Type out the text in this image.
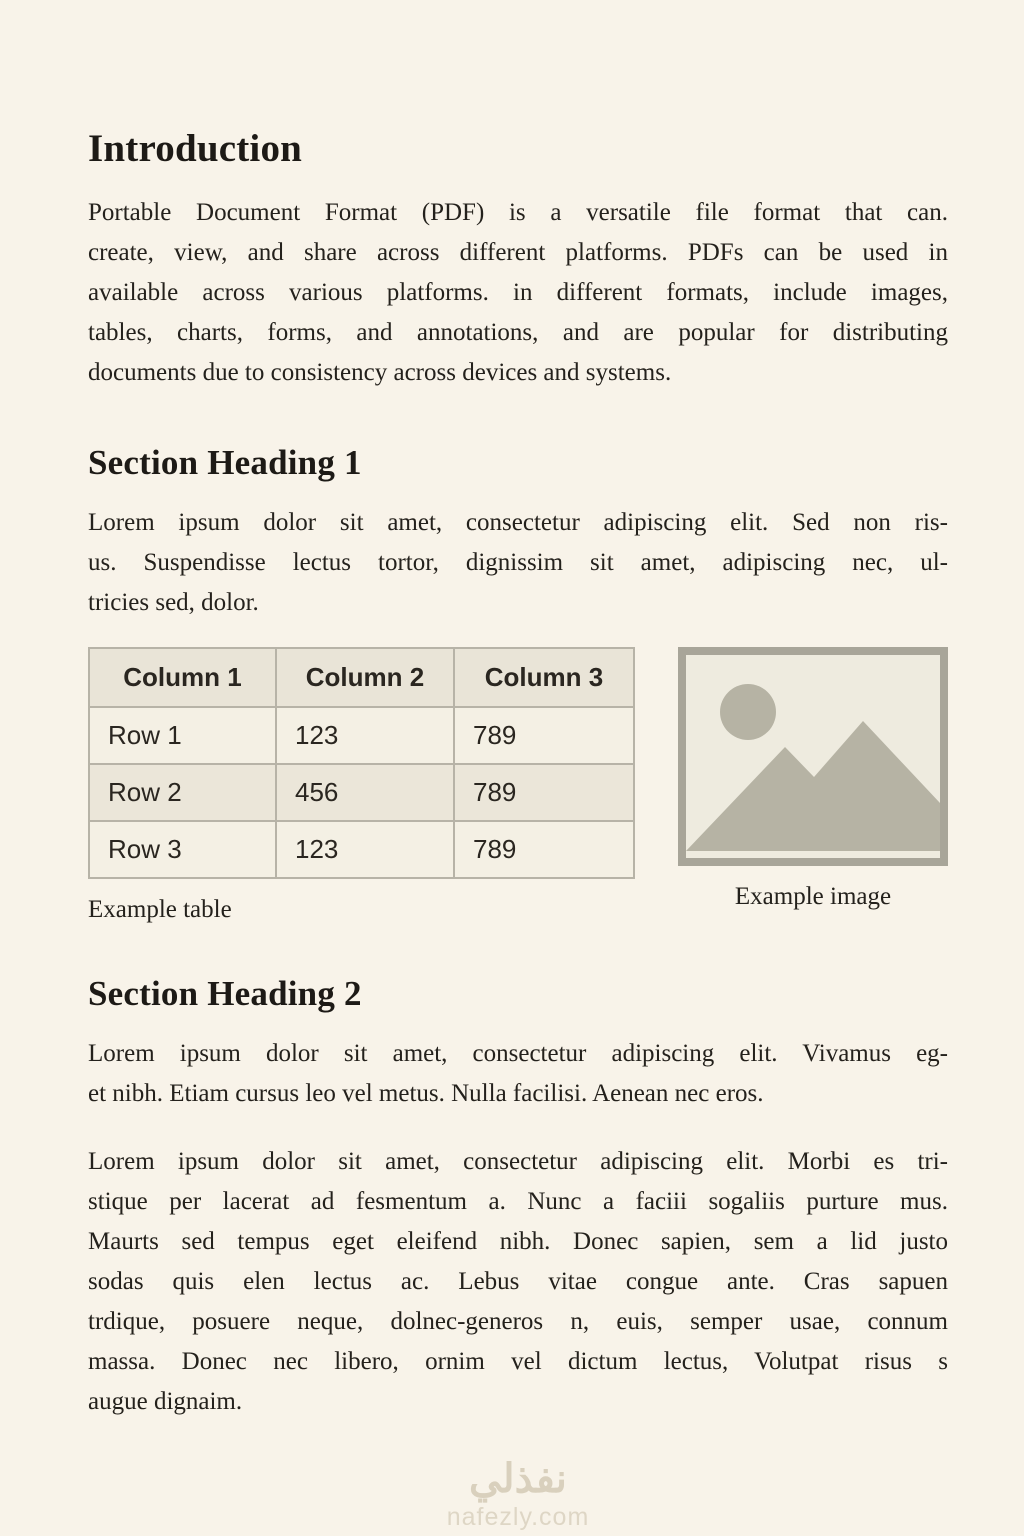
Introduction
Portable Document Format (PDF) is a versatile file format that can.
create, view, and share across different platforms. PDFs can be used in
available across various platforms. in different formats, include images,
tables, charts, forms, and annotations, and are popular for distributing
documents due to consistency across devices and systems.
Section Heading 1
Lorem ipsum dolor sit amet, consectetur adipiscing elit. Sed non ris-
us. Suspendisse lectus tortor, dignissim sit amet, adipiscing nec, ul-
tricies sed, dolor.
Column 1	Column 2	Column 3
Row 1	123	789
Row 2	456	789
Row 3	123	789
Example table	Example image
Section Heading 2
Lorem ipsum dolor sit amet, consectetur adipiscing elit. Vivamus eg-
et nibh. Etiam cursus leo vel metus. Nulla facilisi. Aenean nec eros.
Lorem ipsum dolor sit amet, consectetur adipiscing elit. Morbi es tri-
stique per lacerat ad fesmentum a. Nunc a faciii sogaliis purture mus.
Maurts sed tempus eget eleifend nibh. Donec sapien, sem a lid justo
sodas quis elen lectus ac. Lebus vitae congue ante. Cras sapuen
trdique, posuere neque, dolnec-generos n, euis, semper usae, connum
massa. Donec nec libero, ornim vel dictum lectus, Volutpat risus s
augue dignaim.
نفذلي
nafezly.com
